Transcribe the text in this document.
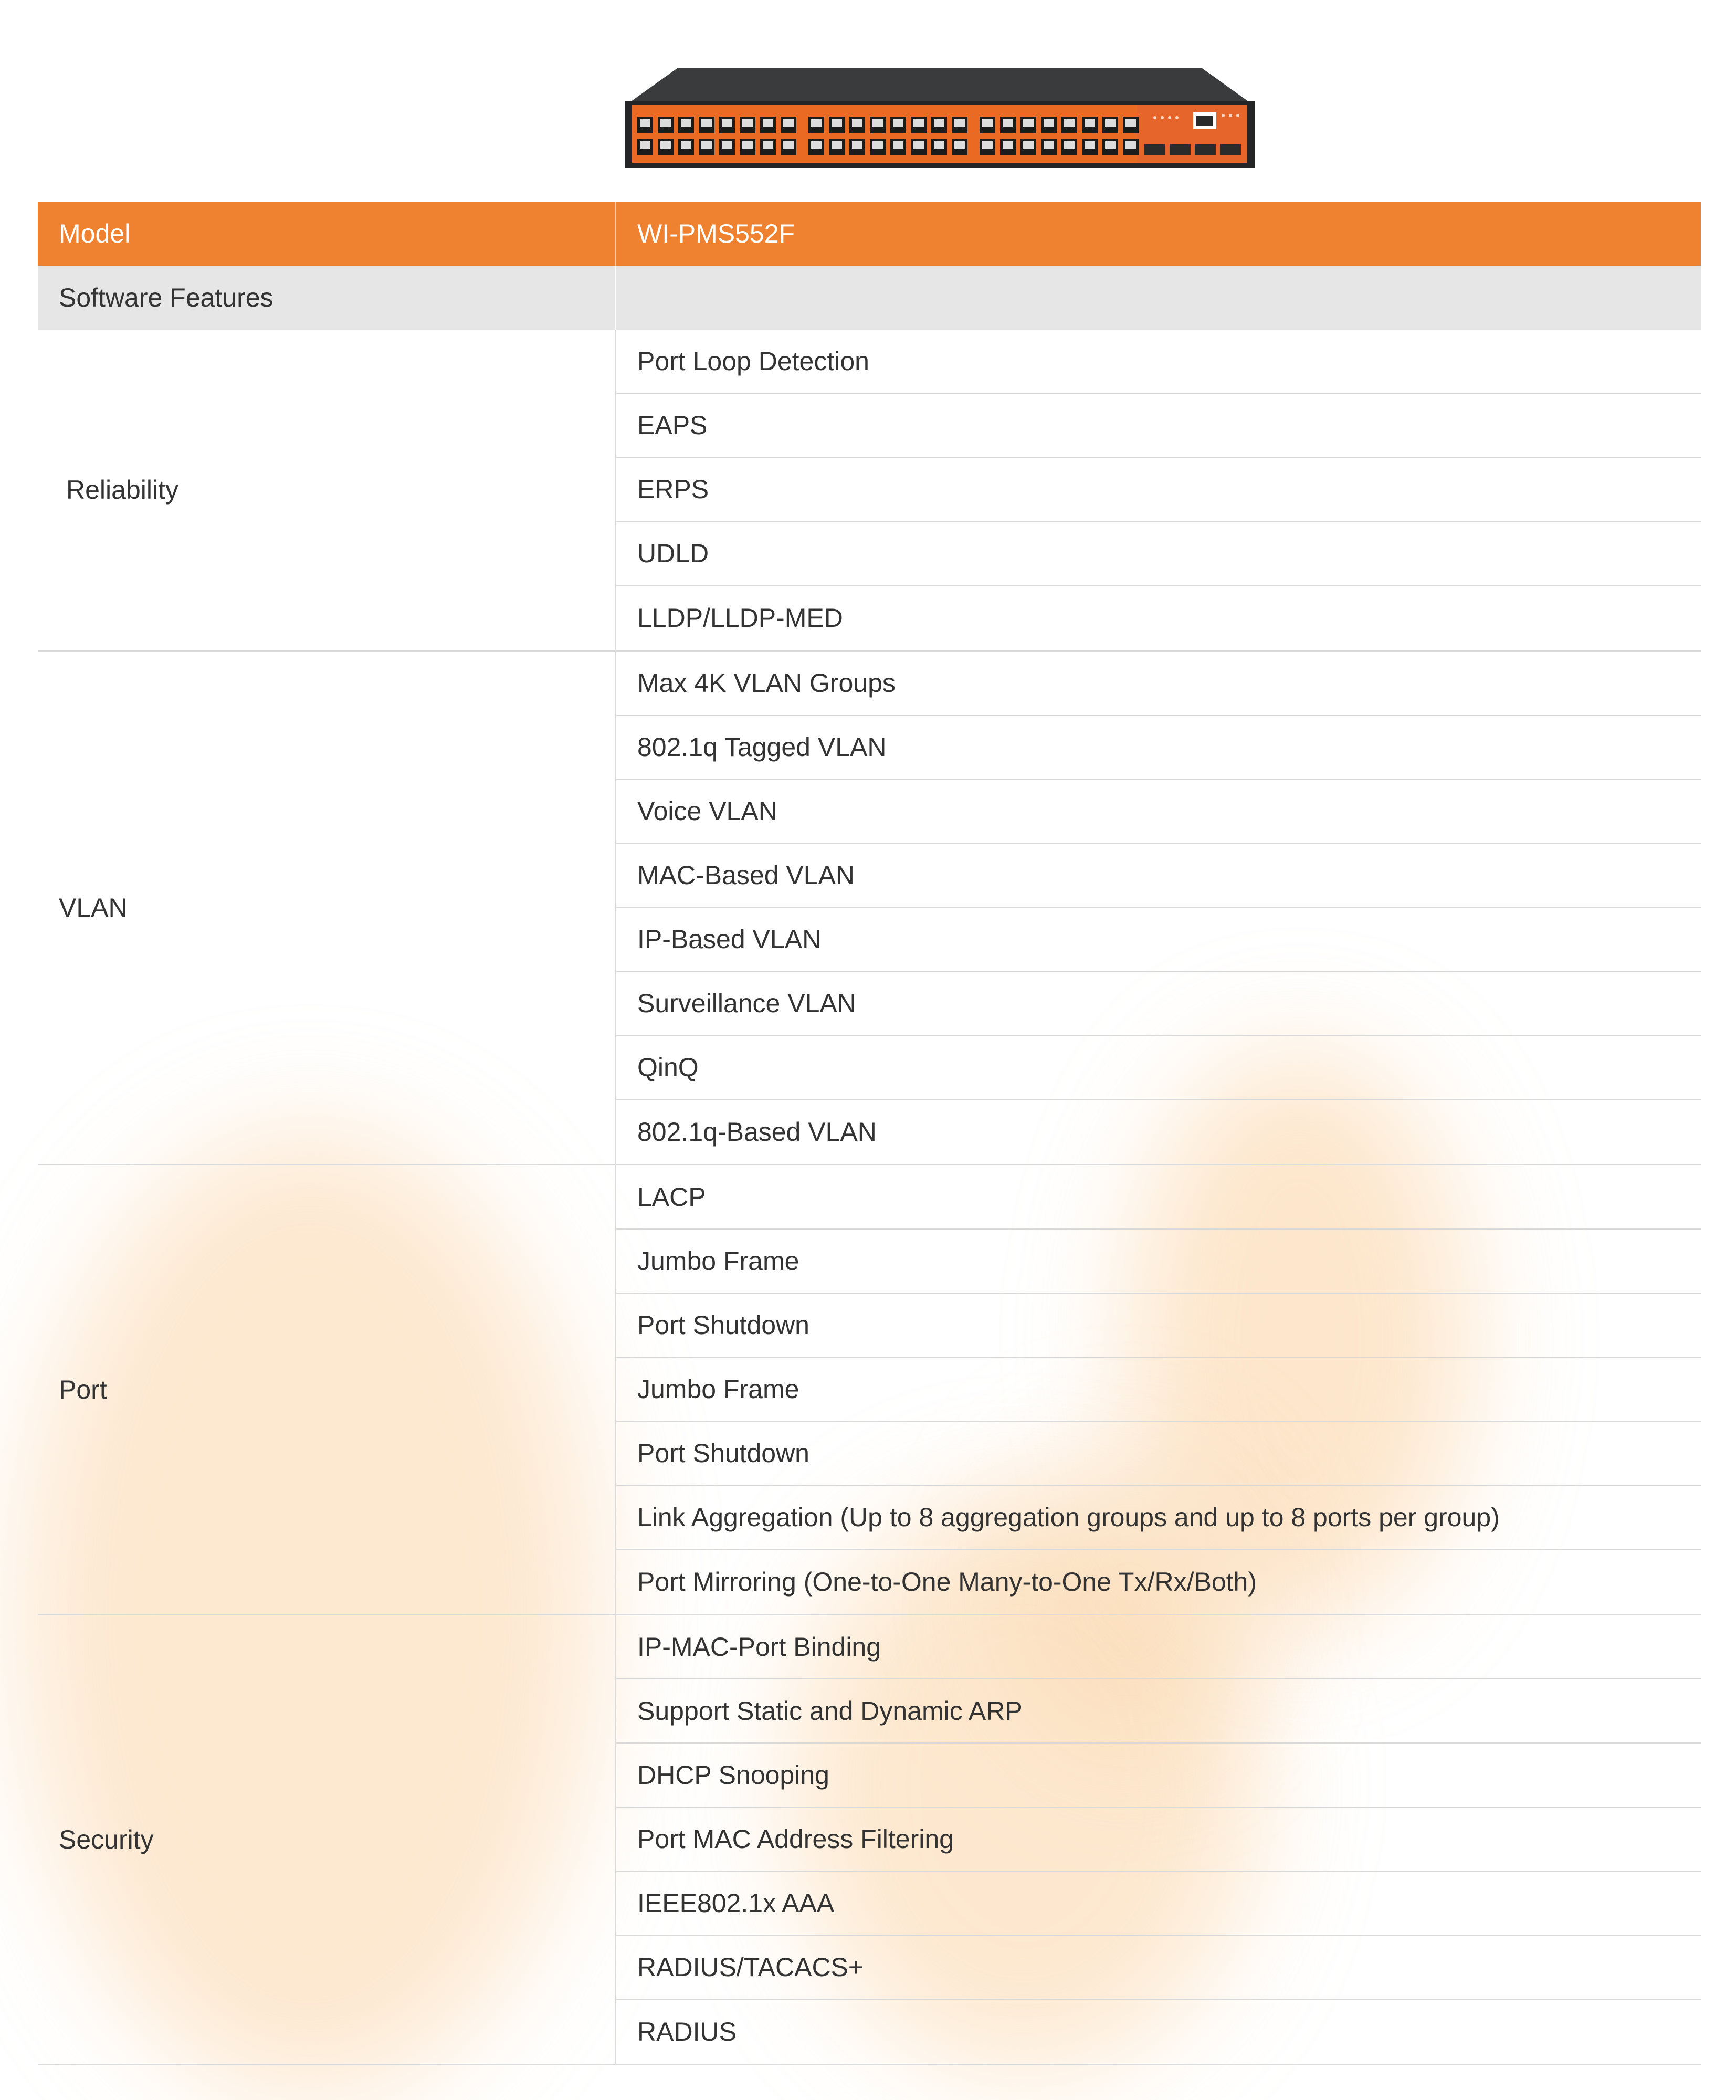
Model	WI-PMS552F
Software Features
Reliability
Port Loop Detection
EAPS
ERPS
UDLD
LLDP/LLDP-MED
VLAN
Max 4K VLAN Groups
802.1q Tagged VLAN
Voice VLAN
MAC-Based VLAN
IP-Based VLAN
Surveillance VLAN
QinQ
802.1q-Based VLAN
Port
LACP
Jumbo Frame
Port Shutdown
Jumbo Frame
Port Shutdown
Link Aggregation (Up to 8 aggregation groups and up to 8 ports per group)
Port Mirroring (One-to-One Many-to-One Tx/Rx/Both)
Security
IP-MAC-Port Binding
Support Static and Dynamic ARP
DHCP Snooping
Port MAC Address Filtering
IEEE802.1x AAA
RADIUS/TACACS+
RADIUS
